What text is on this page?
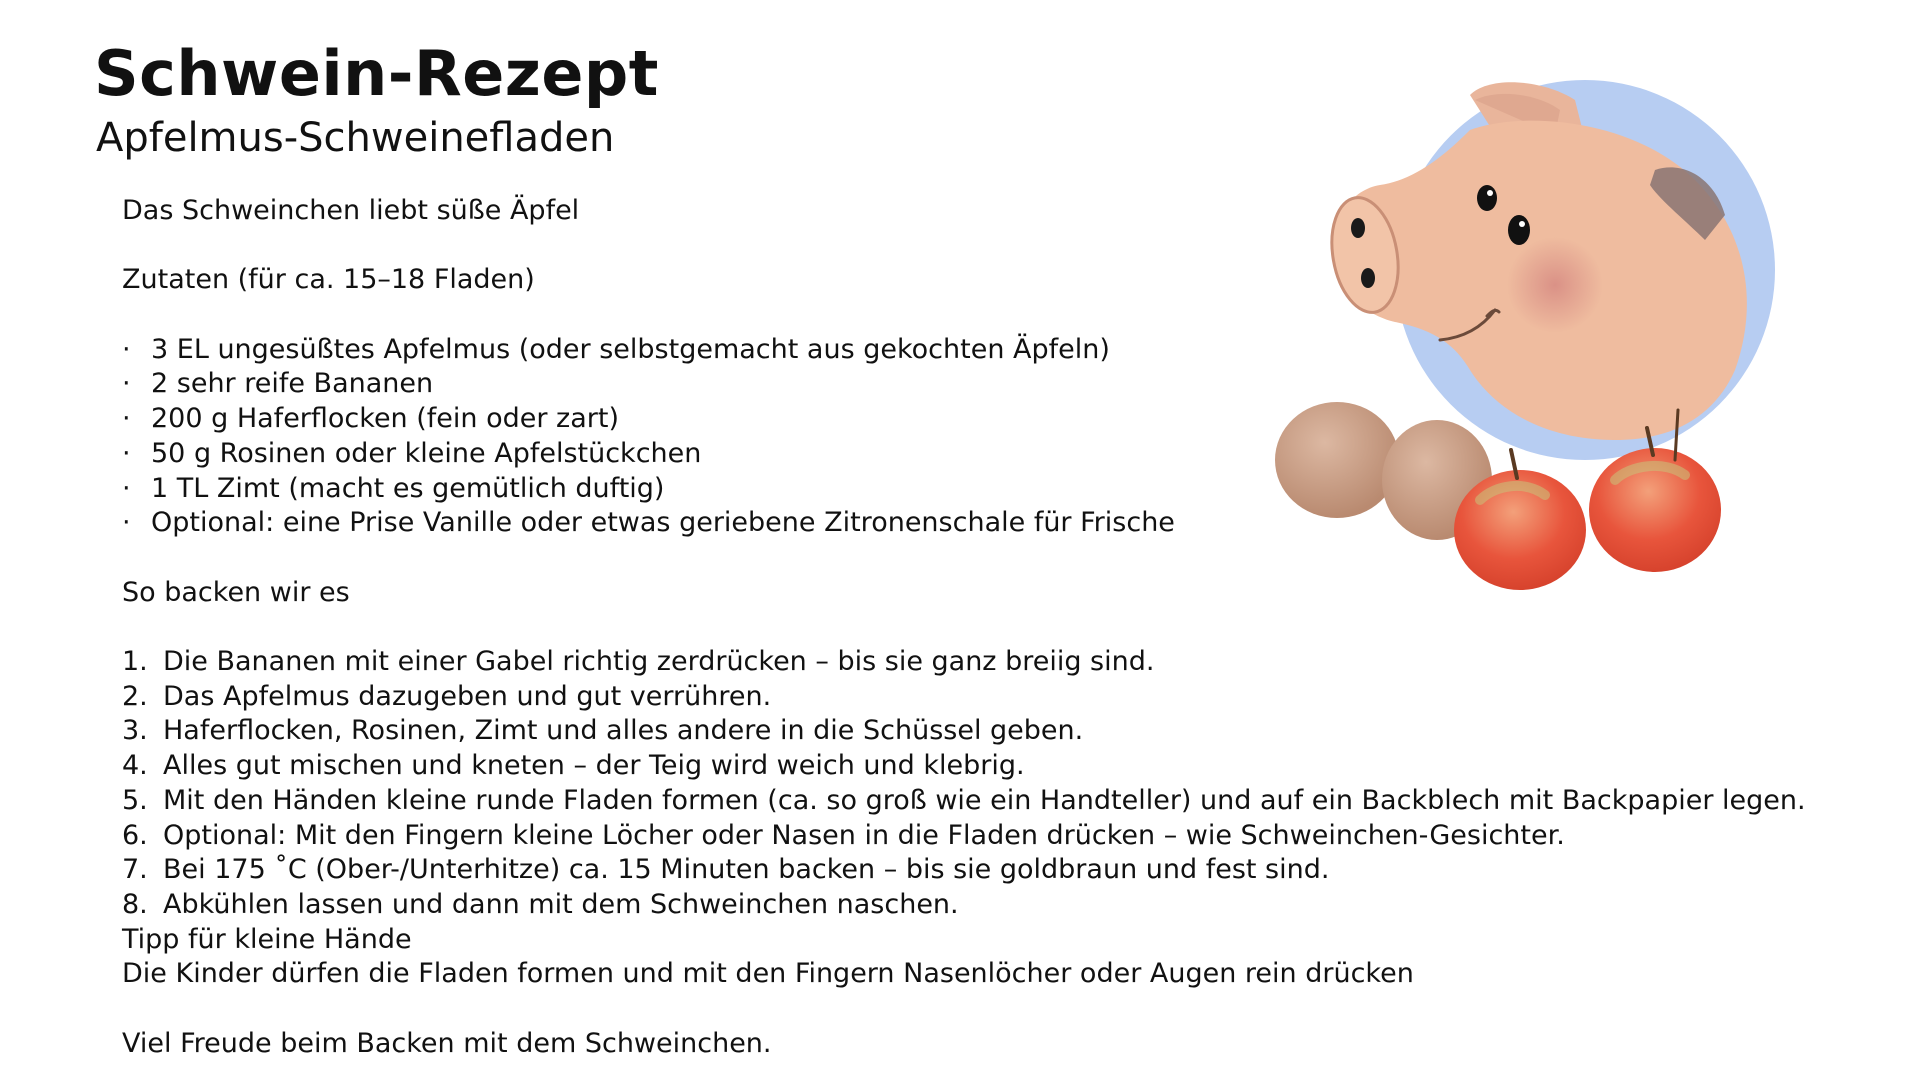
Schwein-Rezept
Apfelmus-Schweinefladen
Das Schweinchen liebt süße Äpfel
Zutaten (für ca. 15–18 Fladen)
· 3 EL ungesüßtes Apfelmus (oder selbstgemacht aus gekochten Äpfeln)
· 2 sehr reife Bananen
· 200 g Haferflocken (fein oder zart)
· 50 g Rosinen oder kleine Apfelstückchen
· 1 TL Zimt (macht es gemütlich duftig)
· Optional: eine Prise Vanille oder etwas geriebene Zitronenschale für Frische
So backen wir es
1. Die Bananen mit einer Gabel richtig zerdrücken – bis sie ganz breiig sind.
2. Das Apfelmus dazugeben und gut verrühren.
3. Haferflocken, Rosinen, Zimt und alles andere in die Schüssel geben.
4. Alles gut mischen und kneten – der Teig wird weich und klebrig.
5. Mit den Händen kleine runde Fladen formen (ca. so groß wie ein Handteller) und auf ein Backblech mit Backpapier legen.
6. Optional: Mit den Fingern kleine Löcher oder Nasen in die Fladen drücken – wie Schweinchen-Gesichter.
7. Bei 175 ˚C (Ober-/Unterhitze) ca. 15 Minuten backen – bis sie goldbraun und fest sind.
8. Abkühlen lassen und dann mit dem Schweinchen naschen.
Tipp für kleine Hände
Die Kinder dürfen die Fladen formen und mit den Fingern Nasenlöcher oder Augen rein drücken
Viel Freude beim Backen mit dem Schweinchen.
